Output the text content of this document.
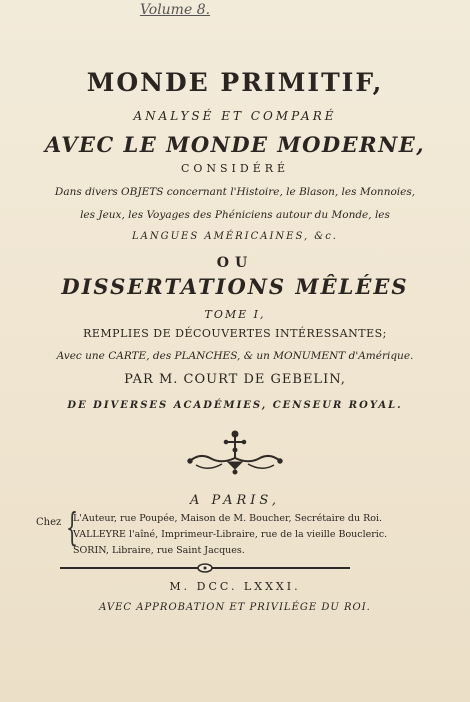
Volume 8.
MONDE PRIMITIF,
ANALYSÉ ET COMPARÉ
AVEC LE MONDE MODERNE,
CONSIDÉRÉ
Dans divers OBJETS concernant l'Histoire, le Blason, les Monnoies,
les Jeux, les Voyages des Phéniciens autour du Monde, les
LANGUES AMÉRICAINES, &c.
OU
DISSERTATIONS MÊLÉES
TOME I,
REMPLIES DE DÉCOUVERTES INTÉRESSANTES;
Avec une CARTE, des PLANCHES, & un MONUMENT d'Amérique.
PAR M. COURT DE GEBELIN,
DE DIVERSES ACADÉMIES, CENSEUR ROYAL.
A PARIS,
Chez {
L'Auteur, rue Poupée, Maison de M. Boucher, Secrétaire du Roi.
VALLEYRE l'aîné, Imprimeur-Libraire, rue de la vieille Boucleric.
SORIN, Libraire, rue Saint Jacques.
M. DCC. LXXXI.
AVEC APPROBATION ET PRIVILÉGE DU ROI.
